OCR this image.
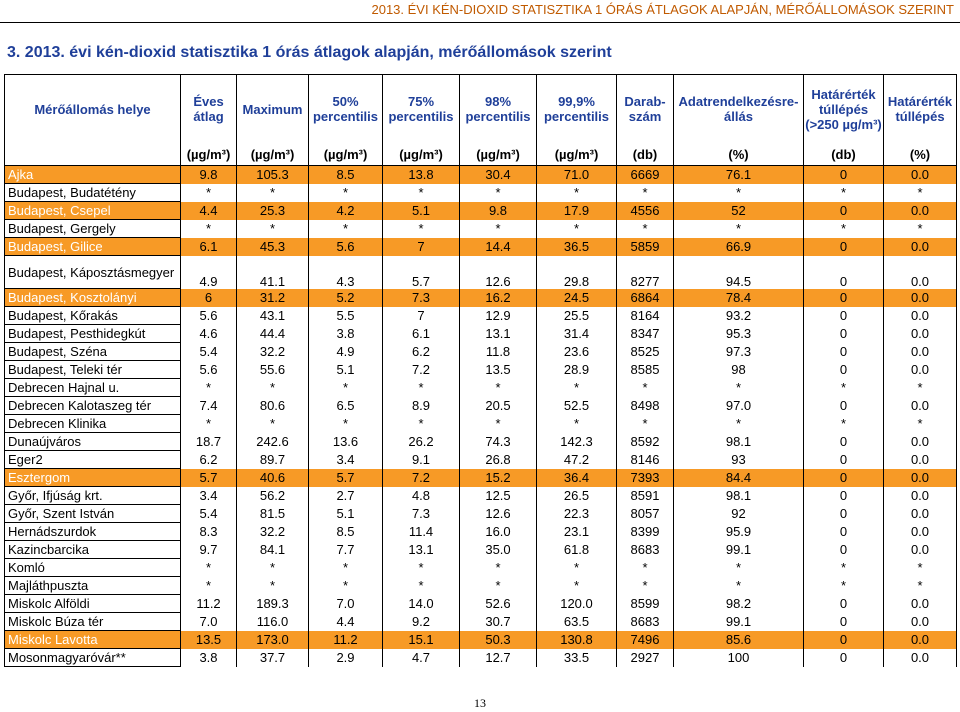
2013. ÉVI KÉN-DIOXID STATISZTIKA 1 ÓRÁS ÁTLAGOK ALAPJÁN, MÉRŐÁLLOMÁSOK SZERINT
3. 2013. évi kén-dioxid statisztika 1 órás átlagok alapján, mérőállomások szerint
Mérőállomás helye	Éves átlag	Maximum	50% percentilis	75% percentilis	98% percentilis	99,9% percentilis	Darab-szám	Adatrendelkezésre-állás	Határérték túllépés (>250 µg/m³)	Határérték túllépés
	(µg/m³)	(µg/m³)	(µg/m³)	(µg/m³)	(µg/m³)	(µg/m³)	(db)	(%)	(db)	(%)
Ajka	9.8	105.3	8.5	13.8	30.4	71.0	6669	76.1	0	0.0
Budapest, Budatétény	*	*	*	*	*	*	*	*	*	*
Budapest, Csepel	4.4	25.3	4.2	5.1	9.8	17.9	4556	52	0	0.0
Budapest, Gergely	*	*	*	*	*	*	*	*	*	*
Budapest, Gilice	6.1	45.3	5.6	7	14.4	36.5	5859	66.9	0	0.0
Budapest, Káposztásmegyer	4.9	41.1	4.3	5.7	12.6	29.8	8277	94.5	0	0.0
Budapest, Kosztolányi	6	31.2	5.2	7.3	16.2	24.5	6864	78.4	0	0.0
Budapest, Kőrakás	5.6	43.1	5.5	7	12.9	25.5	8164	93.2	0	0.0
Budapest, Pesthidegkút	4.6	44.4	3.8	6.1	13.1	31.4	8347	95.3	0	0.0
Budapest, Széna	5.4	32.2	4.9	6.2	11.8	23.6	8525	97.3	0	0.0
Budapest, Teleki tér	5.6	55.6	5.1	7.2	13.5	28.9	8585	98	0	0.0
Debrecen Hajnal u.	*	*	*	*	*	*	*	*	*	*
Debrecen Kalotaszeg tér	7.4	80.6	6.5	8.9	20.5	52.5	8498	97.0	0	0.0
Debrecen Klinika	*	*	*	*	*	*	*	*	*	*
Dunaújváros	18.7	242.6	13.6	26.2	74.3	142.3	8592	98.1	0	0.0
Eger2	6.2	89.7	3.4	9.1	26.8	47.2	8146	93	0	0.0
Esztergom	5.7	40.6	5.7	7.2	15.2	36.4	7393	84.4	0	0.0
Győr, Ifjúság krt.	3.4	56.2	2.7	4.8	12.5	26.5	8591	98.1	0	0.0
Győr, Szent István	5.4	81.5	5.1	7.3	12.6	22.3	8057	92	0	0.0
Hernádszurdok	8.3	32.2	8.5	11.4	16.0	23.1	8399	95.9	0	0.0
Kazincbarcika	9.7	84.1	7.7	13.1	35.0	61.8	8683	99.1	0	0.0
Komló	*	*	*	*	*	*	*	*	*	*
Majláthpuszta	*	*	*	*	*	*	*	*	*	*
Miskolc Alföldi	11.2	189.3	7.0	14.0	52.6	120.0	8599	98.2	0	0.0
Miskolc Búza tér	7.0	116.0	4.4	9.2	30.7	63.5	8683	99.1	0	0.0
Miskolc Lavotta	13.5	173.0	11.2	15.1	50.3	130.8	7496	85.6	0	0.0
Mosonmagyaróvár**	3.8	37.7	2.9	4.7	12.7	33.5	2927	100	0	0.0
13
